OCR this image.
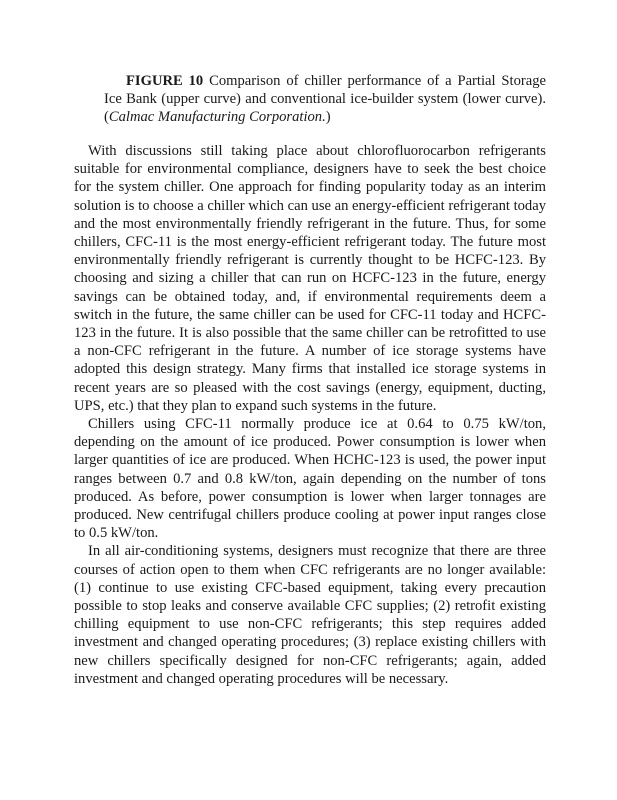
FIGURE 10 Comparison of chiller performance of a Partial Storage Ice Bank (upper curve) and conventional ice-builder system (lower curve). (Calmac Manufacturing Corporation.)

With discussions still taking place about chlorofluorocarbon refrigerants suitable for environmental compliance, designers have to seek the best choice for the system chiller. One approach for finding popularity today as an interim solution is to choose a chiller which can use an energy-efficient refrigerant today and the most environmentally friendly refrigerant in the future. Thus, for some chillers, CFC-11 is the most energy-efficient refrigerant today. The future most environmentally friendly refrigerant is currently thought to be HCFC-123. By choosing and sizing a chiller that can run on HCFC-123 in the future, energy savings can be obtained today, and, if environmental requirements deem a switch in the future, the same chiller can be used for CFC-11 today and HCFC-123 in the future. It is also possible that the same chiller can be retrofitted to use a non-CFC refrigerant in the future. A number of ice storage systems have adopted this design strategy. Many firms that installed ice storage systems in recent years are so pleased with the cost savings (energy, equipment, ducting, UPS, etc.) that they plan to expand such systems in the future.

Chillers using CFC-11 normally produce ice at 0.64 to 0.75 kW/ton, depending on the amount of ice produced. Power consumption is lower when larger quantities of ice are produced. When HCHC-123 is used, the power input ranges between 0.7 and 0.8 kW/ton, again depending on the number of tons produced. As before, power consumption is lower when larger tonnages are produced. New centrifugal chillers produce cooling at power input ranges close to 0.5 kW/ton.

In all air-conditioning systems, designers must recognize that there are three courses of action open to them when CFC refrigerants are no longer available: (1) continue to use existing CFC-based equipment, taking every precaution possible to stop leaks and conserve available CFC supplies; (2) retrofit existing chilling equipment to use non-CFC refrigerants; this step requires added investment and changed operating procedures; (3) replace existing chillers with new chillers specifically designed for non-CFC refrigerants; again, added investment and changed operating procedures will be necessary.
